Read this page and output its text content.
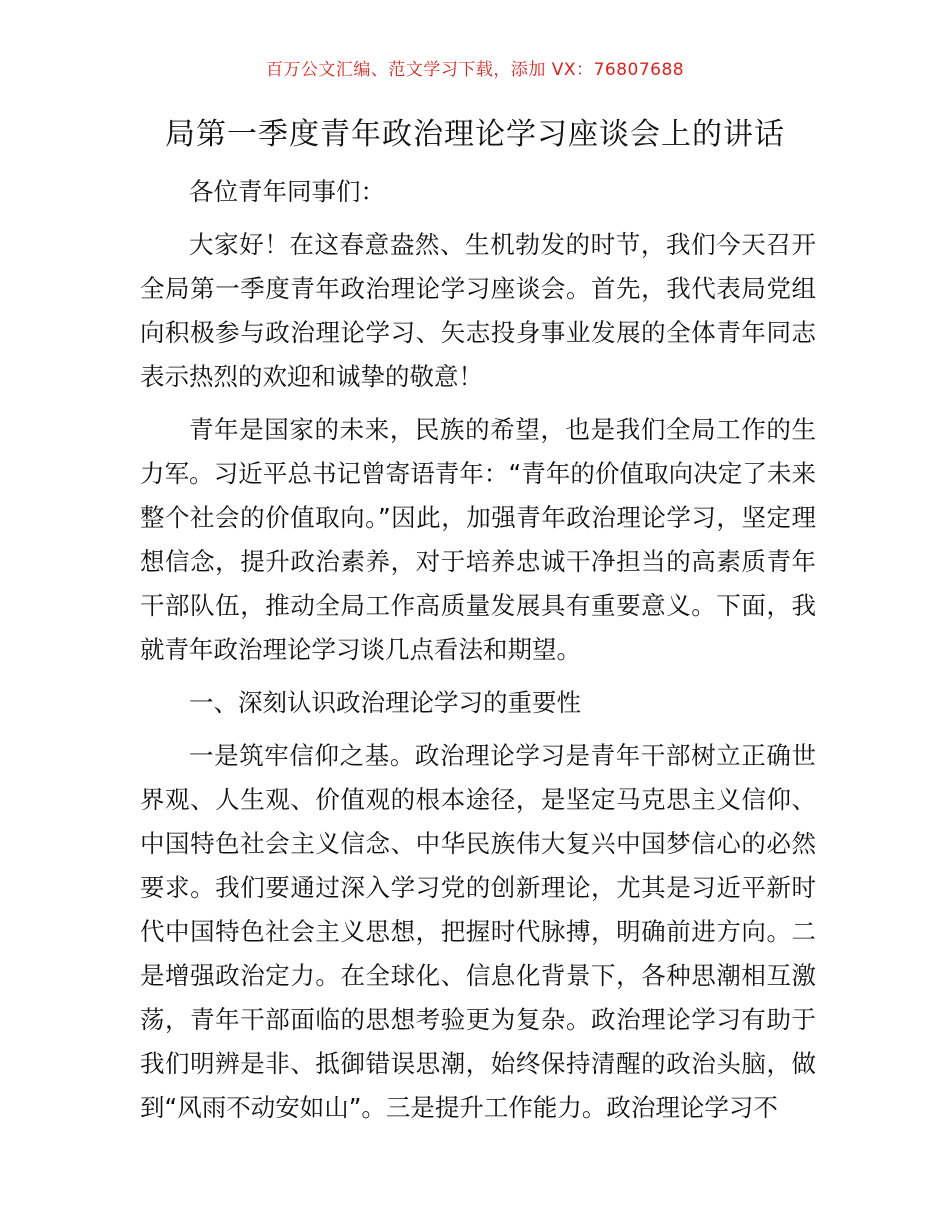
百万公文汇编、范文学习下载，添加 VX：76807688
局第一季度青年政治理论学习座谈会上的讲话

各位青年同事们：

大家好！在这春意盎然、生机勃发的时节，我们今天召开全局第一季度青年政治理论学习座谈会。首先，我代表局党组向积极参与政治理论学习、矢志投身事业发展的全体青年同志表示热烈的欢迎和诚挚的敬意！

青年是国家的未来，民族的希望，也是我们全局工作的生力军。习近平总书记曾寄语青年：“青年的价值取向决定了未来整个社会的价值取向。”因此，加强青年政治理论学习，坚定理想信念，提升政治素养，对于培养忠诚干净担当的高素质青年干部队伍，推动全局工作高质量发展具有重要意义。下面，我就青年政治理论学习谈几点看法和期望。

一、深刻认识政治理论学习的重要性

一是筑牢信仰之基。政治理论学习是青年干部树立正确世界观、人生观、价值观的根本途径，是坚定马克思主义信仰、中国特色社会主义信念、中华民族伟大复兴中国梦信心的必然要求。我们要通过深入学习党的创新理论，尤其是习近平新时代中国特色社会主义思想，把握时代脉搏，明确前进方向。二是增强政治定力。在全球化、信息化背景下，各种思潮相互激荡，青年干部面临的思想考验更为复杂。政治理论学习有助于我们明辨是非、抵御错误思潮，始终保持清醒的政治头脑，做到“风雨不动安如山”。三是提升工作能力。政治理论学习不
